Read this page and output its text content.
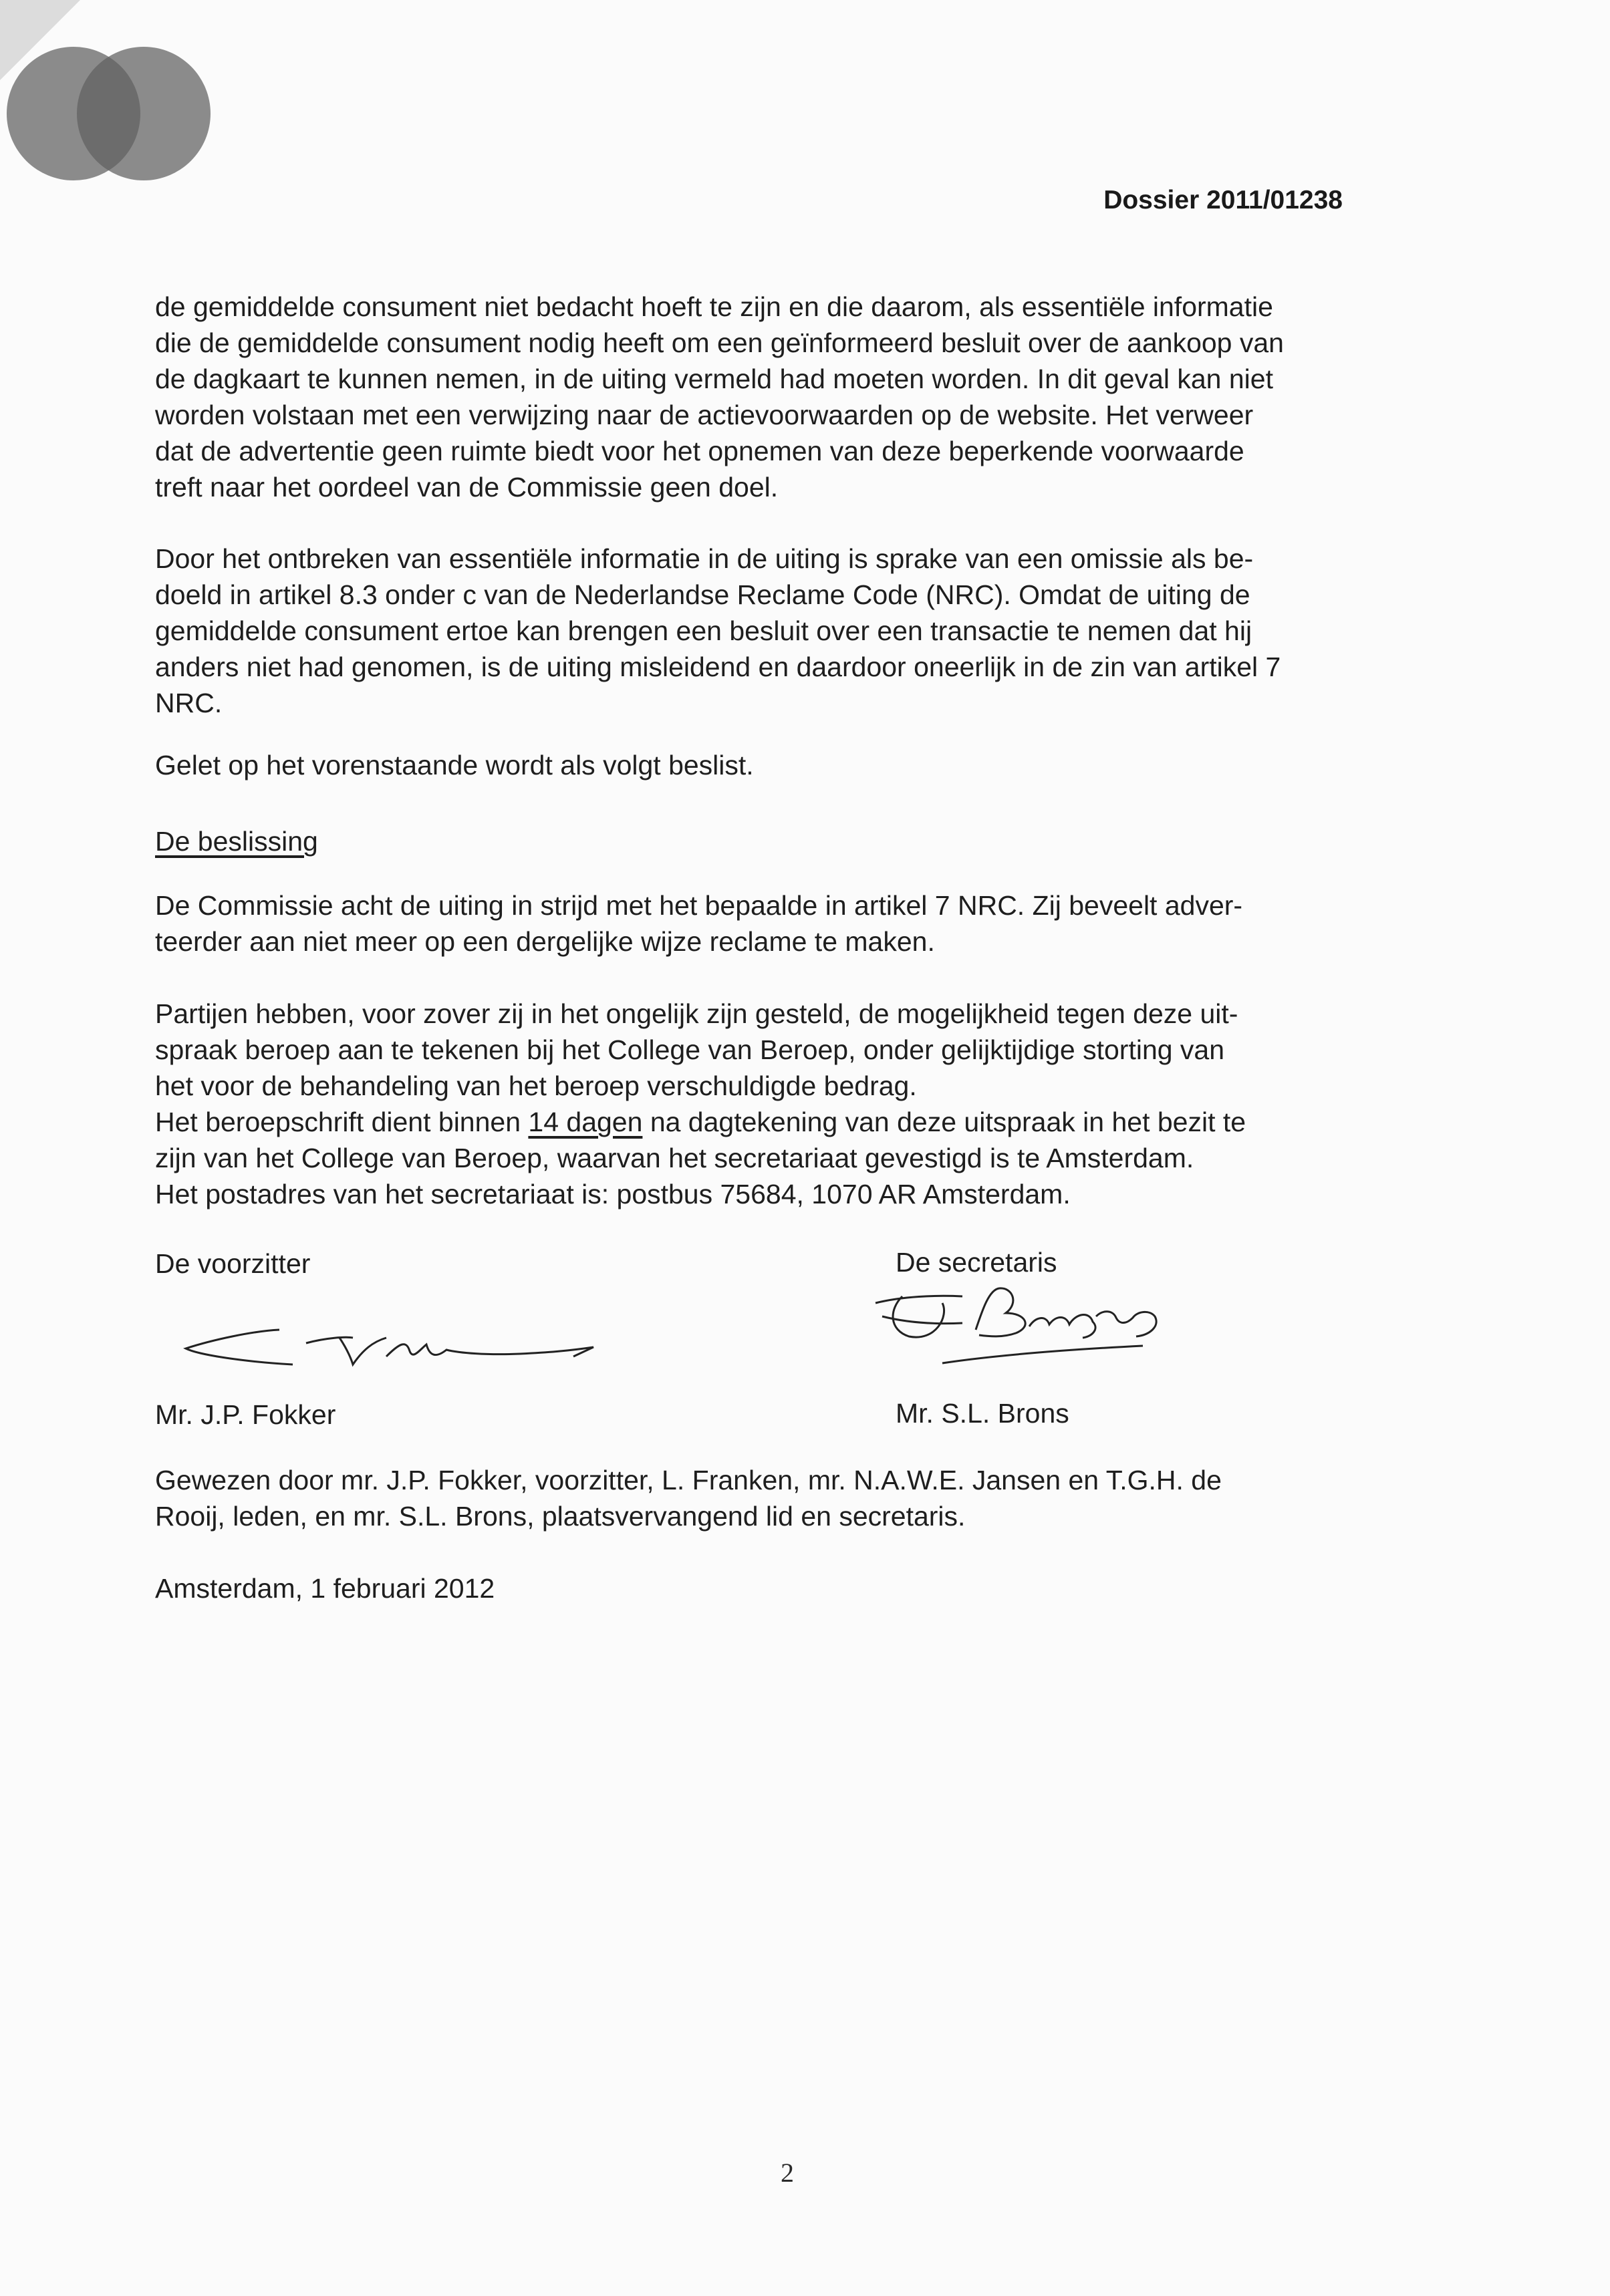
Dossier 2011/01238
de gemiddelde consument niet bedacht hoeft te zijn en die daarom, als essentiële informatie
die de gemiddelde consument nodig heeft om een geïnformeerd besluit over de aankoop van
de dagkaart te kunnen nemen, in de uiting vermeld had moeten worden. In dit geval kan niet
worden volstaan met een verwijzing naar de actievoorwaarden op de website. Het verweer
dat de advertentie geen ruimte biedt voor het opnemen van deze beperkende voorwaarde
treft naar het oordeel van de Commissie geen doel.
Door het ontbreken van essentiële informatie in de uiting is sprake van een omissie als be-
doeld in artikel 8.3 onder c van de Nederlandse Reclame Code (NRC). Omdat de uiting de
gemiddelde consument ertoe kan brengen een besluit over een transactie te nemen dat hij
anders niet had genomen, is de uiting misleidend en daardoor oneerlijk in de zin van artikel 7
NRC.
Gelet op het vorenstaande wordt als volgt beslist.
De beslissing
De Commissie acht de uiting in strijd met het bepaalde in artikel 7 NRC. Zij beveelt adver-
teerder aan niet meer op een dergelijke wijze reclame te maken.
Partijen hebben, voor zover zij in het ongelijk zijn gesteld, de mogelijkheid tegen deze uit-
spraak beroep aan te tekenen bij het College van Beroep, onder gelijktijdige storting van
het voor de behandeling van het beroep verschuldigde bedrag.
Het beroepschrift dient binnen 14 dagen na dagtekening van deze uitspraak in het bezit te
zijn van het College van Beroep, waarvan het secretariaat gevestigd is te Amsterdam.
Het postadres van het secretariaat is: postbus 75684, 1070 AR Amsterdam.
De voorzitter	De secretaris
Mr. J.P. Fokker	Mr. S.L. Brons
Gewezen door mr. J.P. Fokker, voorzitter, L. Franken, mr. N.A.W.E. Jansen en T.G.H. de
Rooij, leden, en mr. S.L. Brons, plaatsvervangend lid en secretaris.
Amsterdam, 1 februari 2012
2
